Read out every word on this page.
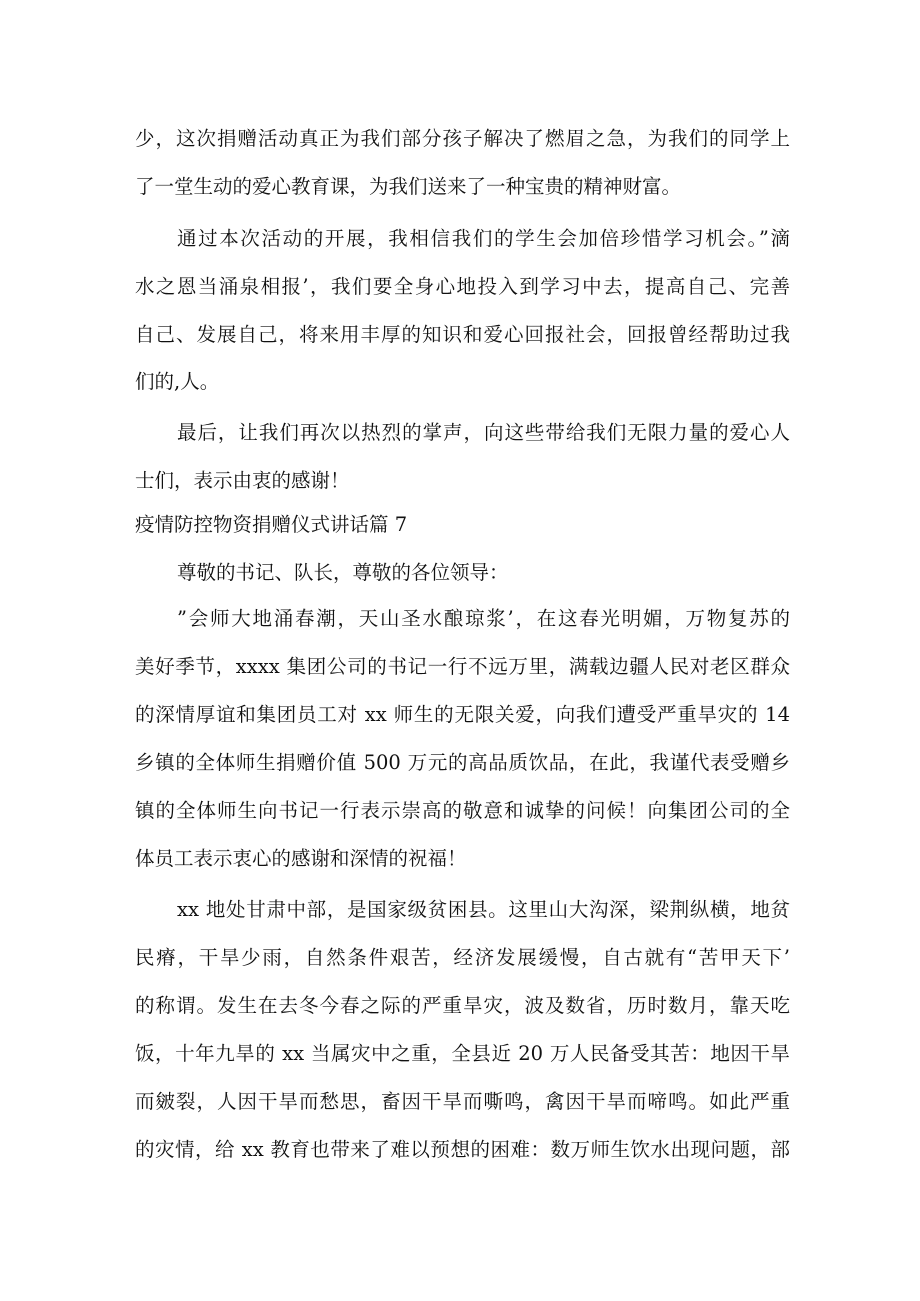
少，这次捐赠活动真正为我们部分孩子解决了燃眉之急，为我们的同学上
了一堂生动的爱心教育课，为我们送来了一种宝贵的精神财富。
通过本次活动的开展，我相信我们的学生会加倍珍惜学习机会。”滴
水之恩当涌泉相报’，我们要全身心地投入到学习中去，提高自己、完善
自己、发展自己，将来用丰厚的知识和爱心回报社会，回报曾经帮助过我
们的,人。
最后，让我们再次以热烈的掌声，向这些带给我们无限力量的爱心人
士们，表示由衷的感谢！
疫情防控物资捐赠仪式讲话篇 7
尊敬的书记、队长，尊敬的各位领导：
”会师大地涌春潮，天山圣水酿琼浆’，在这春光明媚，万物复苏的
美好季节，xxxx 集团公司的书记一行不远万里，满载边疆人民对老区群众
的深情厚谊和集团员工对 xx 师生的无限关爱，向我们遭受严重旱灾的 14
乡镇的全体师生捐赠价值 500 万元的高品质饮品，在此，我谨代表受赠乡
镇的全体师生向书记一行表示崇高的敬意和诚挚的问候！向集团公司的全
体员工表示衷心的感谢和深情的祝福！
xx 地处甘肃中部，是国家级贫困县。这里山大沟深，梁荆纵横，地贫
民瘠，干旱少雨，自然条件艰苦，经济发展缓慢，自古就有“苦甲天下’
的称谓。发生在去冬今春之际的严重旱灾，波及数省，历时数月，靠天吃
饭，十年九旱的 xx 当属灾中之重，全县近 20 万人民备受其苦：地因干旱
而皴裂，人因干旱而愁思，畜因干旱而嘶鸣，禽因干旱而啼鸣。如此严重
的灾情，给 xx 教育也带来了难以预想的困难：数万师生饮水出现问题，部
